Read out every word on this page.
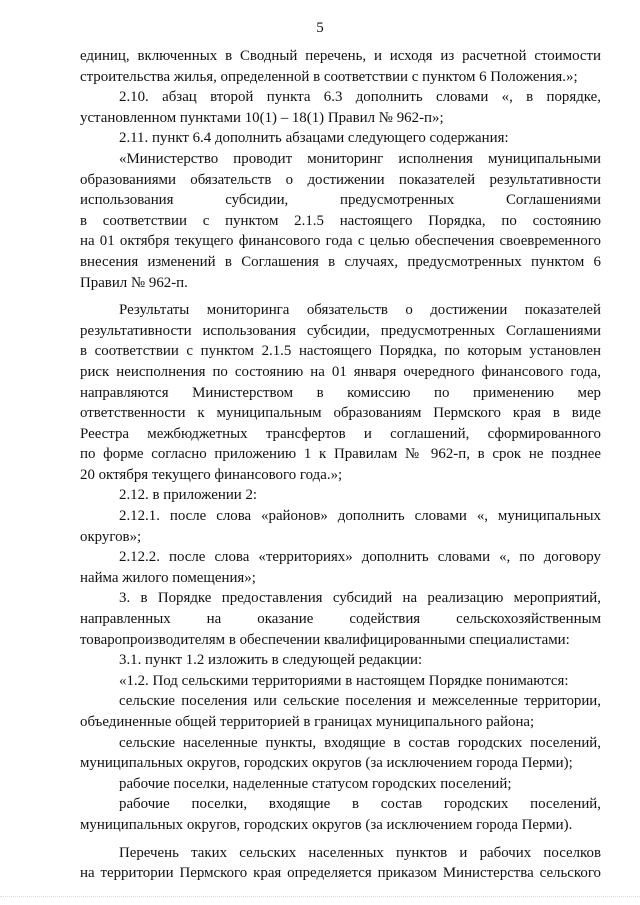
5
единиц, включенных в Сводный перечень, и исходя из расчетной стоимости
строительства жилья, определенной в соответствии с пунктом 6 Положения.»;
2.10. абзац второй пункта 6.3 дополнить словами «, в порядке,
установленном пунктами 10(1) – 18(1) Правил № 962-п»;
2.11. пункт 6.4 дополнить абзацами следующего содержания:
«Министерство проводит мониторинг исполнения муниципальными
образованиями обязательств о достижении показателей результативности
использования субсидии, предусмотренных Соглашениями
в соответствии с пунктом 2.1.5 настоящего Порядка, по состоянию
на 01 октября текущего финансового года с целью обеспечения своевременного
внесения изменений в Соглашения в случаях, предусмотренных пунктом 6
Правил № 962-п.
Результаты мониторинга обязательств о достижении показателей
результативности использования субсидии, предусмотренных Соглашениями
в соответствии с пунктом 2.1.5 настоящего Порядка, по которым установлен
риск неисполнения по состоянию на 01 января очередного финансового года,
направляются Министерством в комиссию по применению мер
ответственности к муниципальным образованиям Пермского края в виде
Реестра межбюджетных трансфертов и соглашений, сформированного
по форме согласно приложению 1 к Правилам № 962-п, в срок не позднее
20 октября текущего финансового года.»;
2.12. в приложении 2:
2.12.1. после слова «районов» дополнить словами «, муниципальных
округов»;
2.12.2. после слова «территориях» дополнить словами «, по договору
найма жилого помещения»;
3. в Порядке предоставления субсидий на реализацию мероприятий,
направленных на оказание содействия сельскохозяйственным
товаропроизводителям в обеспечении квалифицированными специалистами:
3.1. пункт 1.2 изложить в следующей редакции:
«1.2. Под сельскими территориями в настоящем Порядке понимаются:
сельские поселения или сельские поселения и межселенные территории,
объединенные общей территорией в границах муниципального района;
сельские населенные пункты, входящие в состав городских поселений,
муниципальных округов, городских округов (за исключением города Перми);
рабочие поселки, наделенные статусом городских поселений;
рабочие поселки, входящие в состав городских поселений,
муниципальных округов, городских округов (за исключением города Перми).
Перечень таких сельских населенных пунктов и рабочих поселков
на территории Пермского края определяется приказом Министерства сельского
